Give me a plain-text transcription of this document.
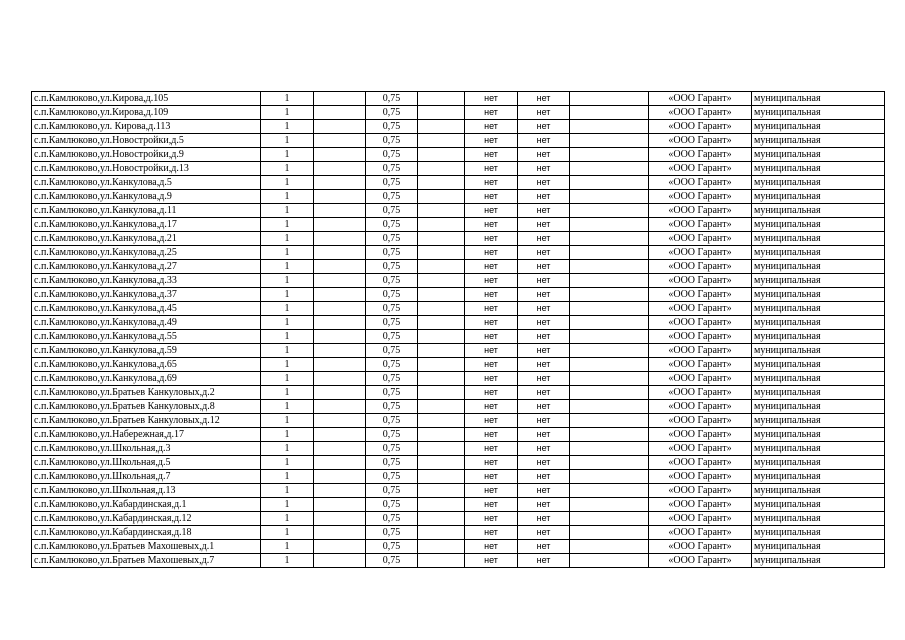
с.п.Камлюково,ул.Кирова,д.105	1		0,75		нет	нет		«ООО Гарант»	муниципальная
с.п.Камлюково,ул.Кирова,д.109	1		0,75		нет	нет		«ООО Гарант»	муниципальная
с.п.Камлюково,ул. Кирова,д.113	1		0,75		нет	нет		«ООО Гарант»	муниципальная
с.п.Камлюково,ул.Новостройки,д.5	1		0,75		нет	нет		«ООО Гарант»	муниципальная
с.п.Камлюково,ул.Новостройки,д.9	1		0,75		нет	нет		«ООО Гарант»	муниципальная
с.п.Камлюково,ул.Новостройки,д.13	1		0,75		нет	нет		«ООО Гарант»	муниципальная
с.п.Камлюково,ул.Канкулова,д.5	1		0,75		нет	нет		«ООО Гарант»	муниципальная
с.п.Камлюково,ул.Канкулова,д.9	1		0,75		нет	нет		«ООО Гарант»	муниципальная
с.п.Камлюково,ул.Канкулова,д.11	1		0,75		нет	нет		«ООО Гарант»	муниципальная
с.п.Камлюково,ул.Канкулова,д.17	1		0,75		нет	нет		«ООО Гарант»	муниципальная
с.п.Камлюково,ул.Канкулова,д.21	1		0,75		нет	нет		«ООО Гарант»	муниципальная
с.п.Камлюково,ул.Канкулова,д.25	1		0,75		нет	нет		«ООО Гарант»	муниципальная
с.п.Камлюково,ул.Канкулова,д.27	1		0,75		нет	нет		«ООО Гарант»	муниципальная
с.п.Камлюково,ул.Канкулова,д.33	1		0,75		нет	нет		«ООО Гарант»	муниципальная
с.п.Камлюково,ул.Канкулова,д.37	1		0,75		нет	нет		«ООО Гарант»	муниципальная
с.п.Камлюково,ул.Канкулова,д.45	1		0,75		нет	нет		«ООО Гарант»	муниципальная
с.п.Камлюково,ул.Канкулова,д.49	1		0,75		нет	нет		«ООО Гарант»	муниципальная
с.п.Камлюково,ул.Канкулова,д.55	1		0,75		нет	нет		«ООО Гарант»	муниципальная
с.п.Камлюково,ул.Канкулова,д.59	1		0,75		нет	нет		«ООО Гарант»	муниципальная
с.п.Камлюково,ул.Канкулова,д.65	1		0,75		нет	нет		«ООО Гарант»	муниципальная
с.п.Камлюково,ул.Канкулова,д.69	1		0,75		нет	нет		«ООО Гарант»	муниципальная
с.п.Камлюково,ул.Братьев Канкуловых,д.2	1		0,75		нет	нет		«ООО Гарант»	муниципальная
с.п.Камлюково,ул.Братьев Канкуловых,д.8	1		0,75		нет	нет		«ООО Гарант»	муниципальная
с.п.Камлюково,ул.Братьев Канкуловых,д.12	1		0,75		нет	нет		«ООО Гарант»	муниципальная
с.п.Камлюково,ул.Набережная,д.17	1		0,75		нет	нет		«ООО Гарант»	муниципальная
с.п.Камлюково,ул.Школьная,д.3	1		0,75		нет	нет		«ООО Гарант»	муниципальная
с.п.Камлюково,ул.Школьная,д.5	1		0,75		нет	нет		«ООО Гарант»	муниципальная
с.п.Камлюково,ул.Школьная,д.7	1		0,75		нет	нет		«ООО Гарант»	муниципальная
с.п.Камлюково,ул.Школьная,д.13	1		0,75		нет	нет		«ООО Гарант»	муниципальная
с.п.Камлюково,ул.Кабардинская,д.1	1		0,75		нет	нет		«ООО Гарант»	муниципальная
с.п.Камлюково,ул.Кабардинская,д.12	1		0,75		нет	нет		«ООО Гарант»	муниципальная
с.п.Камлюково,ул.Кабардинская,д.18	1		0,75		нет	нет		«ООО Гарант»	муниципальная
с.п.Камлюково,ул.Братьев Махошевых,д.1	1		0,75		нет	нет		«ООО Гарант»	муниципальная
с.п.Камлюково,ул.Братьев Махошевых,д.7	1		0,75		нет	нет		«ООО Гарант»	муниципальная
